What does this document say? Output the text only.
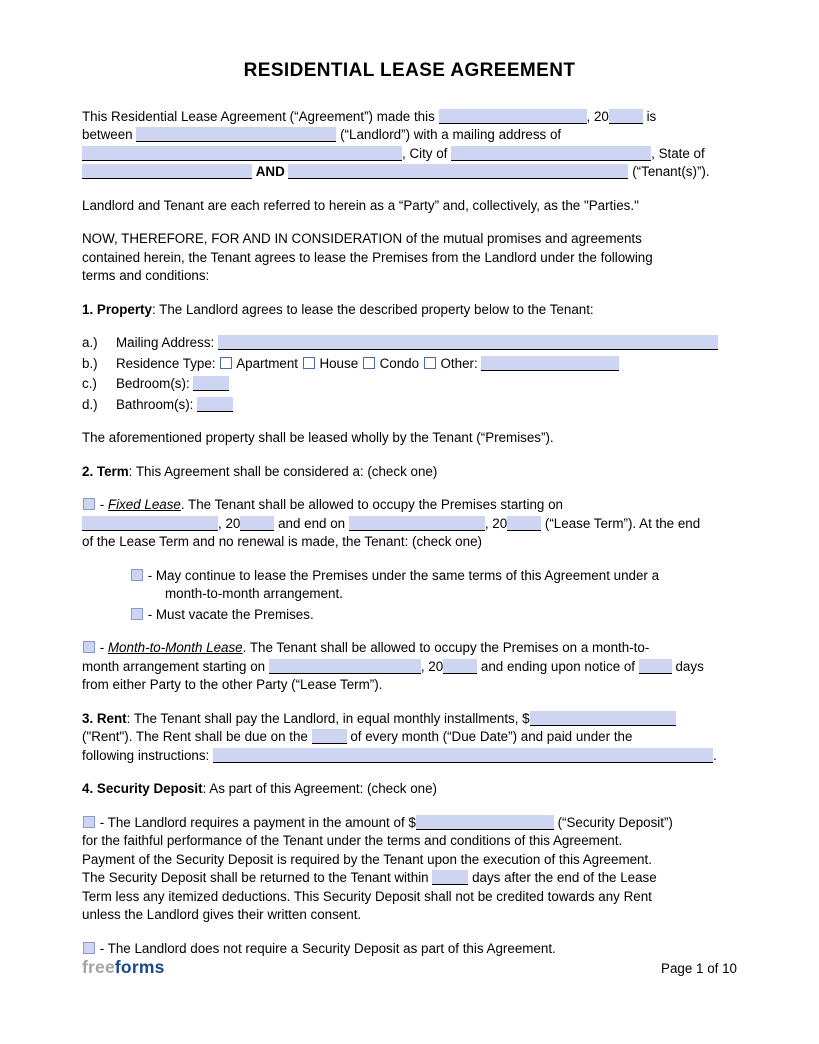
RESIDENTIAL LEASE AGREEMENT
This Residential Lease Agreement (“Agreement”) made this	, 20	is
between	(“Landlord”) with a mailing address of
, City of	, State of
AND	(“Tenant(s)”).
Landlord and Tenant are each referred to herein as a “Party” and, collectively, as the "Parties."
NOW, THEREFORE, FOR AND IN CONSIDERATION of the mutual promises and agreements
contained herein, the Tenant agrees to lease the Premises from the Landlord under the following
terms and conditions:
1. Property: The Landlord agrees to lease the described property below to the Tenant:
a.) Mailing Address:
b.) Residence Type:  Apartment  House  Condo  Other:
c.) Bedroom(s):
d.) Bathroom(s):
The aforementioned property shall be leased wholly by the Tenant (“Premises”).
2. Term: This Agreement shall be considered a: (check one)
- Fixed Lease. The Tenant shall be allowed to occupy the Premises starting on
, 20	and end on	, 20	(“Lease Term”). At the end
of the Lease Term and no renewal is made, the Tenant: (check one)
- May continue to lease the Premises under the same terms of this Agreement under a
month-to-month arrangement.
- Must vacate the Premises.
- Month-to-Month Lease. The Tenant shall be allowed to occupy the Premises on a month-to-
month arrangement starting on	, 20	and ending upon notice of  days
from either Party to the other Party (“Lease Term”).
3. Rent: The Tenant shall pay the Landlord, in equal monthly installments, $
("Rent"). The Rent shall be due on the	of every month (“Due Date”) and paid under the
following instructions:	.
4. Security Deposit: As part of this Agreement: (check one)
- The Landlord requires a payment in the amount of $	(“Security Deposit”)
for the faithful performance of the Tenant under the terms and conditions of this Agreement.
Payment of the Security Deposit is required by the Tenant upon the execution of this Agreement.
The Security Deposit shall be returned to the Tenant within	days after the end of the Lease
Term less any itemized deductions. This Security Deposit shall not be credited towards any Rent
unless the Landlord gives their written consent.
- The Landlord does not require a Security Deposit as part of this Agreement.
freeforms	Page 1 of 10
